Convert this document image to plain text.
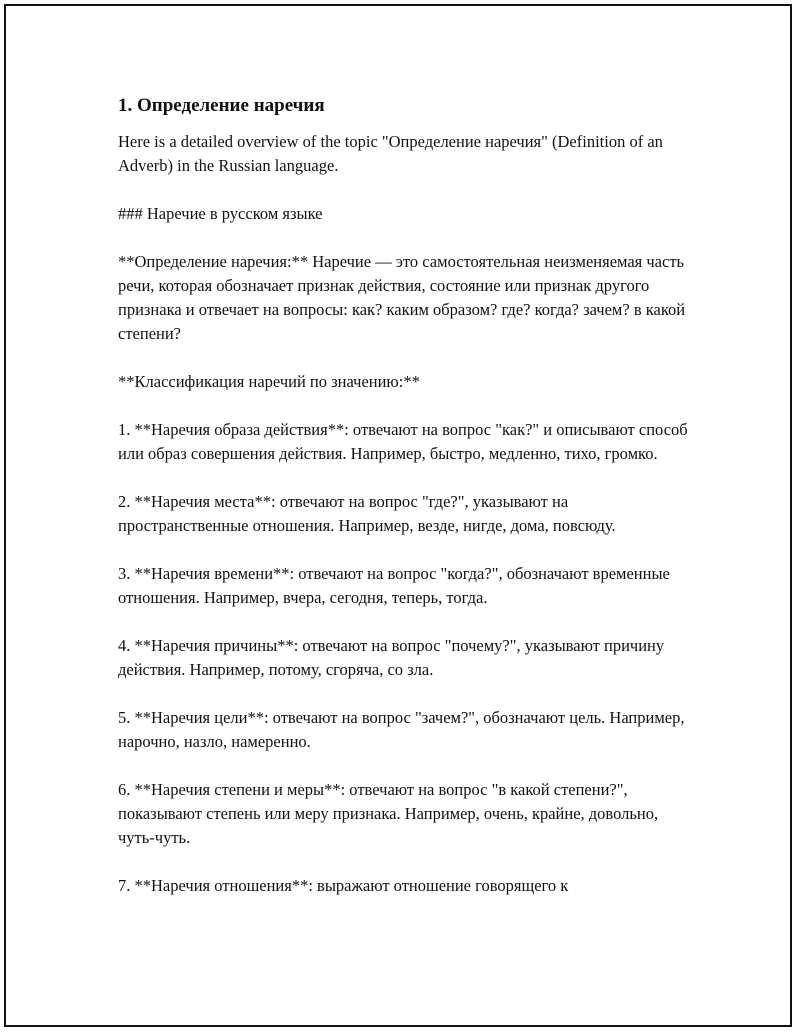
1. Определение наречия

Here is a detailed overview of the topic "Определение наречия" (Definition of an Adverb) in the Russian language.

### Наречие в русском языке

**Определение наречия:** Наречие — это самостоятельная неизменяемая часть речи, которая обозначает признак действия, состояние или признак другого признака и отвечает на вопросы: как? каким образом? где? когда? зачем? в какой степени?

**Классификация наречий по значению:**

1. **Наречия образа действия**: отвечают на вопрос "как?" и описывают способ или образ совершения действия. Например, быстро, медленно, тихо, громко.

2. **Наречия места**: отвечают на вопрос "где?", указывают на пространственные отношения. Например, везде, нигде, дома, повсюду.

3. **Наречия времени**: отвечают на вопрос "когда?", обозначают временные отношения. Например, вчера, сегодня, теперь, тогда.

4. **Наречия причины**: отвечают на вопрос "почему?", указывают причину действия. Например, потому, сгоряча, со зла.

5. **Наречия цели**: отвечают на вопрос "зачем?", обозначают цель. Например, нарочно, назло, намеренно.

6. **Наречия степени и меры**: отвечают на вопрос "в какой степени?", показывают степень или меру признака. Например, очень, крайне, довольно, чуть-чуть.

7. **Наречия отношения**: выражают отношение говорящего к
